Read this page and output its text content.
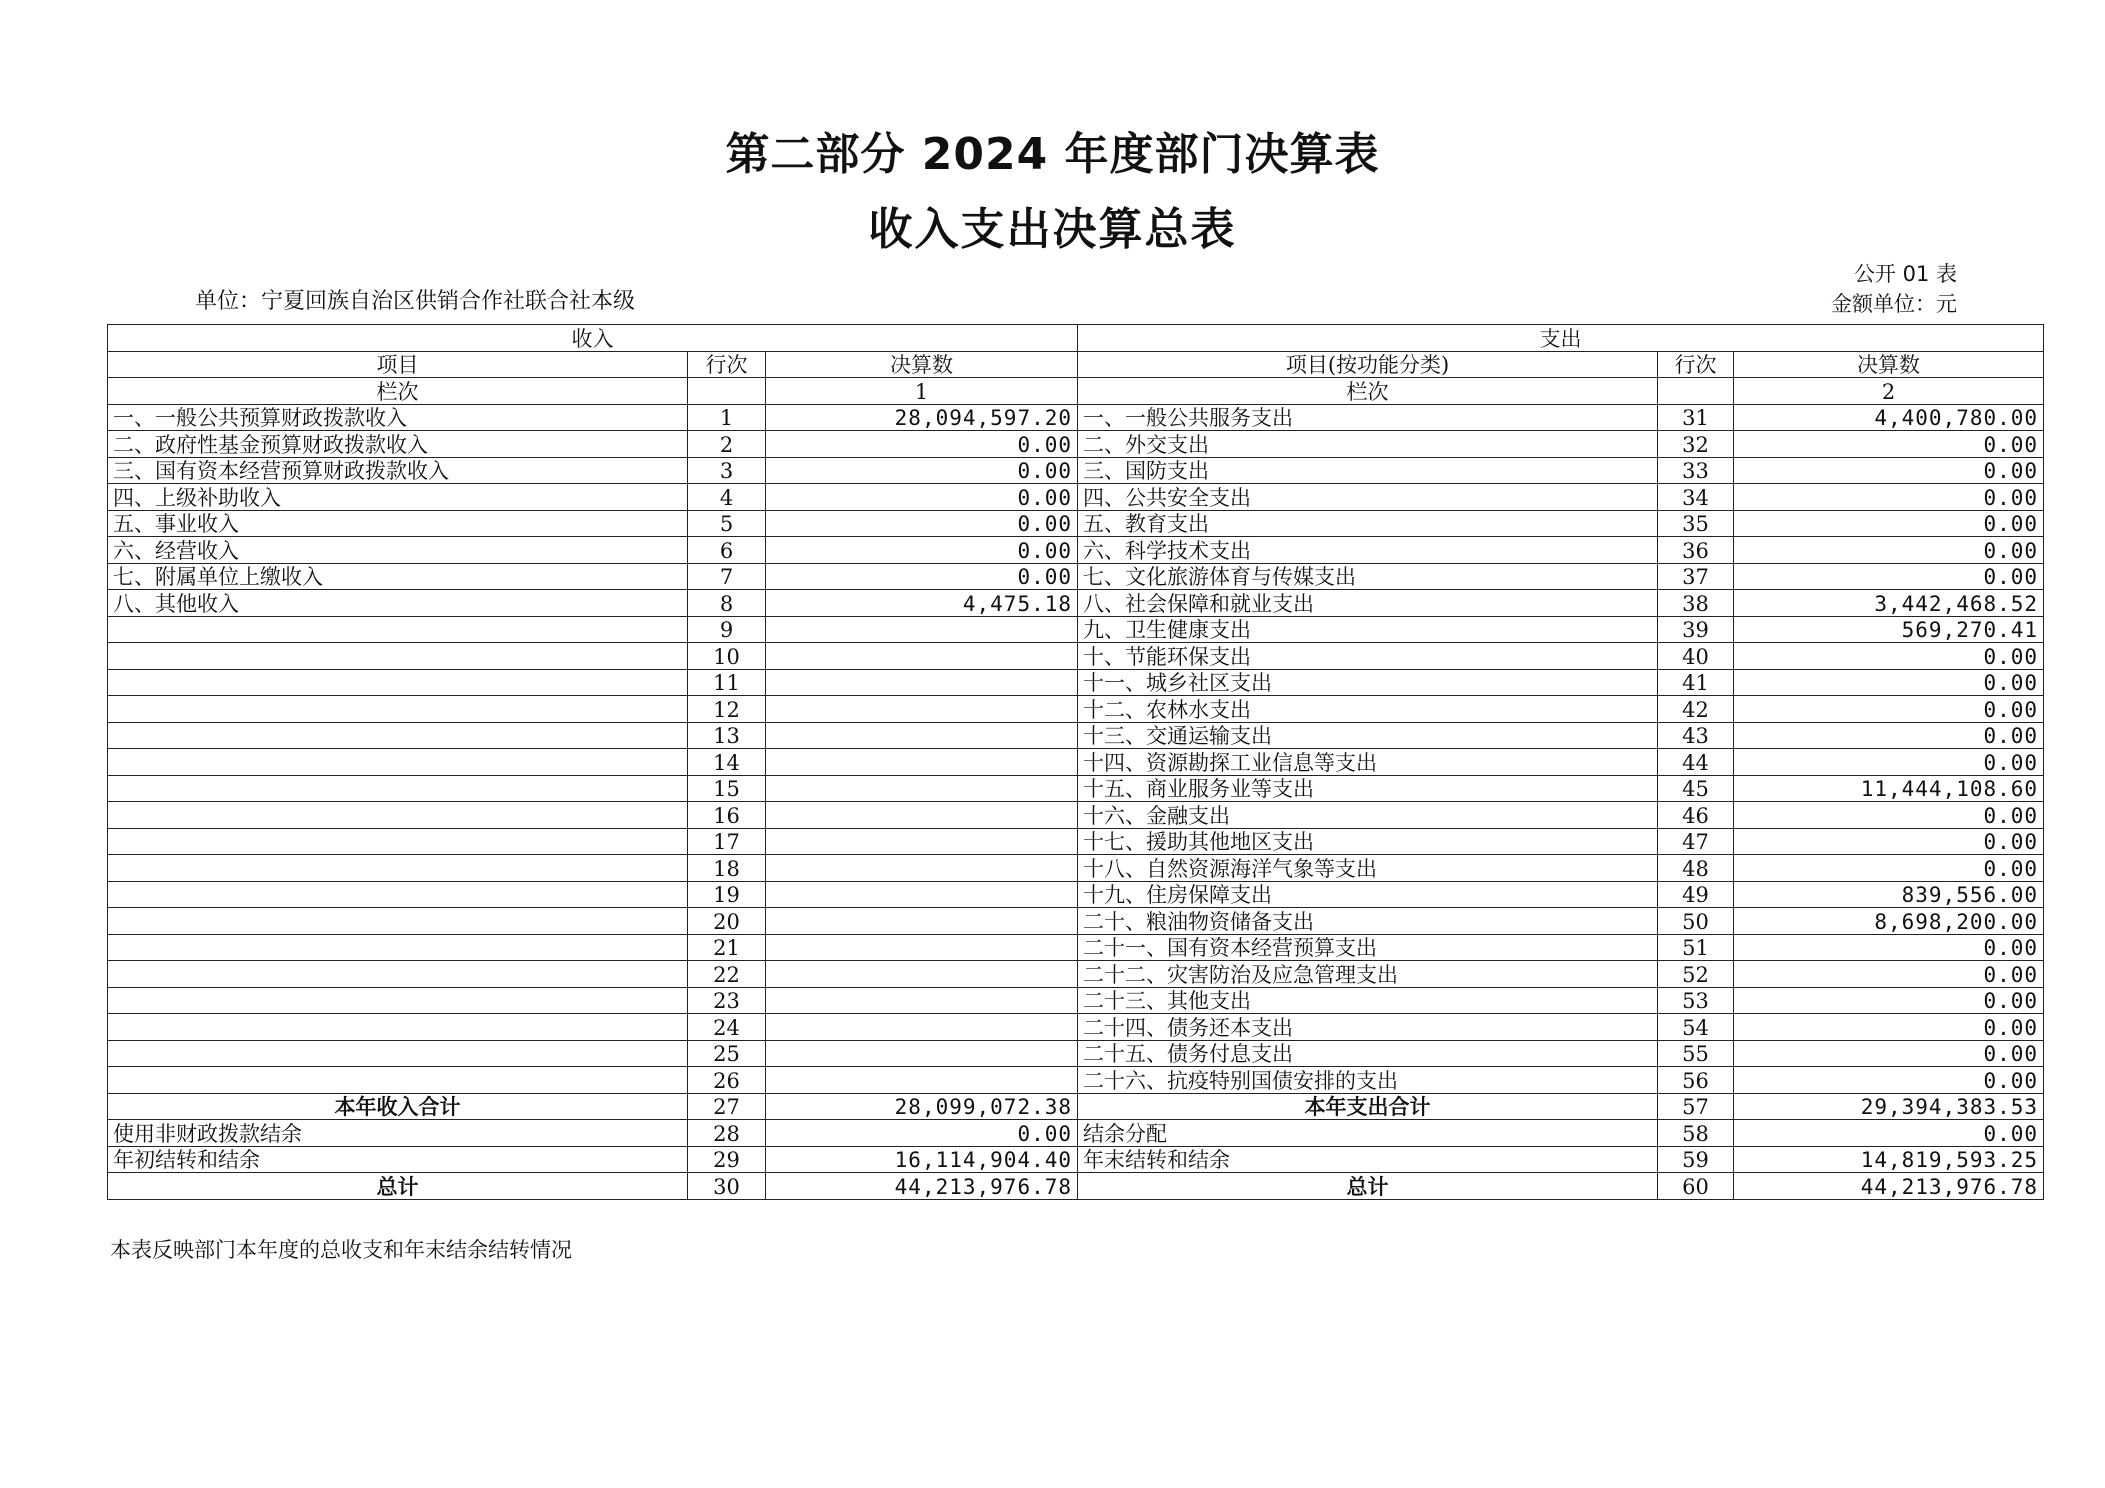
第二部分 2024 年度部门决算表
收入支出决算总表
公开 01 表
单位：宁夏回族自治区供销合作社联合社本级	金额单位：元
收入			支出		
项目	行次	决算数	项目(按功能分类)	行次	决算数
栏次		1	栏次		2
一、一般公共预算财政拨款收入	1	28,094,597.20	一、一般公共服务支出	31	4,400,780.00
二、政府性基金预算财政拨款收入	2	0.00	二、外交支出	32	0.00
三、国有资本经营预算财政拨款收入	3	0.00	三、国防支出	33	0.00
四、上级补助收入	4	0.00	四、公共安全支出	34	0.00
五、事业收入	5	0.00	五、教育支出	35	0.00
六、经营收入	6	0.00	六、科学技术支出	36	0.00
七、附属单位上缴收入	7	0.00	七、文化旅游体育与传媒支出	37	0.00
八、其他收入	8	4,475.18	八、社会保障和就业支出	38	3,442,468.52
	9		九、卫生健康支出	39	569,270.41
	10		十、节能环保支出	40	0.00
	11		十一、城乡社区支出	41	0.00
	12		十二、农林水支出	42	0.00
	13		十三、交通运输支出	43	0.00
	14		十四、资源勘探工业信息等支出	44	0.00
	15		十五、商业服务业等支出	45	11,444,108.60
	16		十六、金融支出	46	0.00
	17		十七、援助其他地区支出	47	0.00
	18		十八、自然资源海洋气象等支出	48	0.00
	19		十九、住房保障支出	49	839,556.00
	20		二十、粮油物资储备支出	50	8,698,200.00
	21		二十一、国有资本经营预算支出	51	0.00
	22		二十二、灾害防治及应急管理支出	52	0.00
	23		二十三、其他支出	53	0.00
	24		二十四、债务还本支出	54	0.00
	25		二十五、债务付息支出	55	0.00
	26		二十六、抗疫特别国债安排的支出	56	0.00
本年收入合计	27	28,099,072.38	本年支出合计	57	29,394,383.53
使用非财政拨款结余	28	0.00	结余分配	58	0.00
年初结转和结余	29	16,114,904.40	年末结转和结余	59	14,819,593.25
总计	30	44,213,976.78	总计	60	44,213,976.78
本表反映部门本年度的总收支和年末结余结转情况
